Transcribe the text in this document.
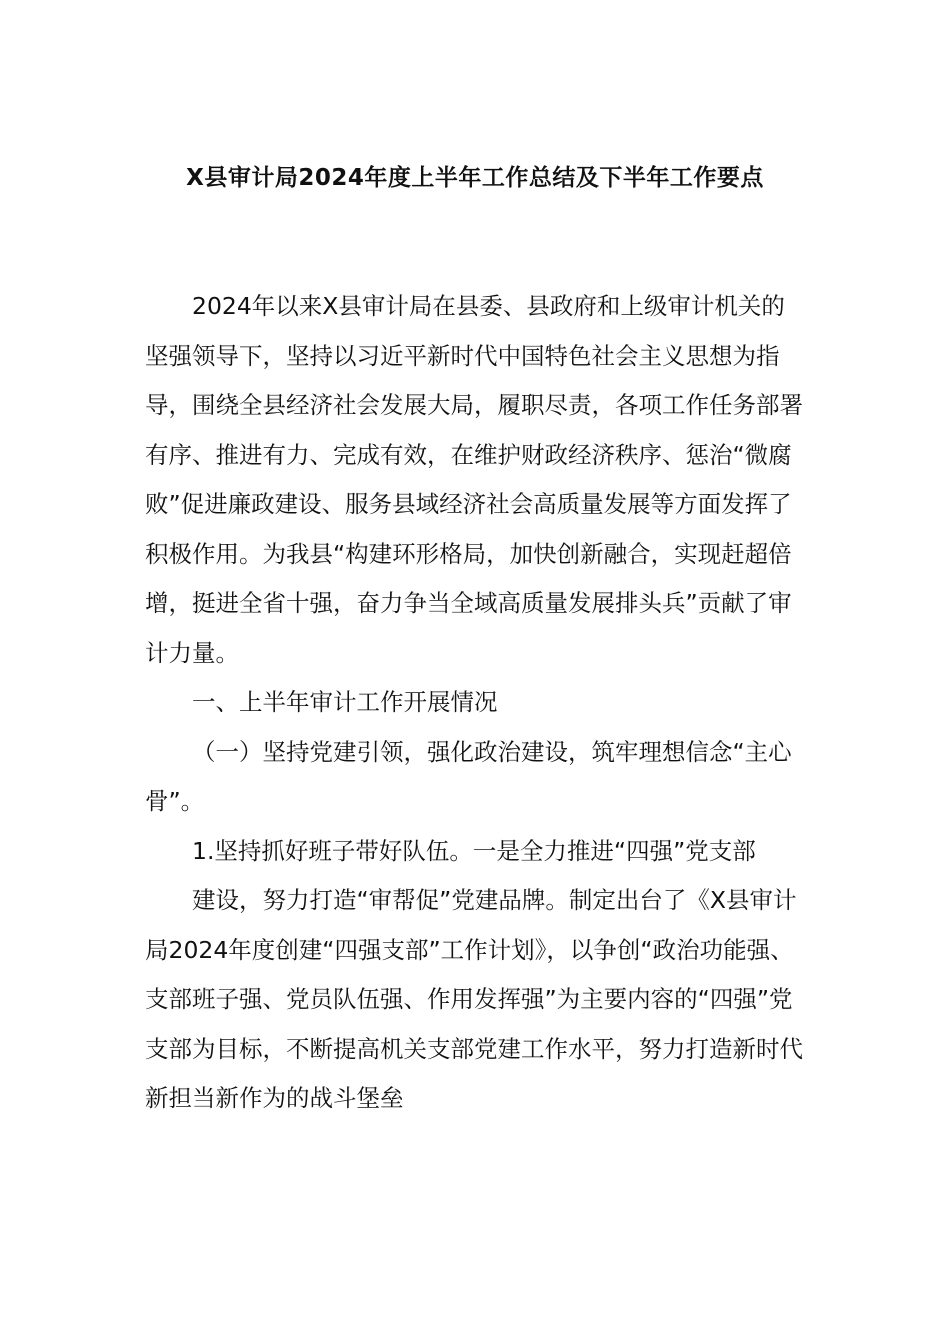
X县审计局2024年度上半年工作总结及下半年工作要点

2024年以来X县审计局在县委、县政府和上级审计机关的坚强领导下，坚持以习近平新时代中国特色社会主义思想为指导，围绕全县经济社会发展大局，履职尽责，各项工作任务部署有序、推进有力、完成有效，在维护财政经济秩序、惩治“微腐败”促进廉政建设、服务县域经济社会高质量发展等方面发挥了积极作用。为我县“构建环形格局，加快创新融合，实现赶超倍增，挺进全省十强，奋力争当全域高质量发展排头兵”贡献了审计力量。

一、上半年审计工作开展情况

（一）坚持党建引领，强化政治建设，筑牢理想信念“主心骨”。

1.坚持抓好班子带好队伍。一是全力推进“四强”党支部

建设，努力打造“审帮促”党建品牌。制定出台了《X县审计局2024年度创建“四强支部”工作计划》，以争创“政治功能强、支部班子强、党员队伍强、作用发挥强”为主要内容的“四强”党支部为目标，不断提高机关支部党建工作水平，努力打造新时代新担当新作为的战斗堡垒
